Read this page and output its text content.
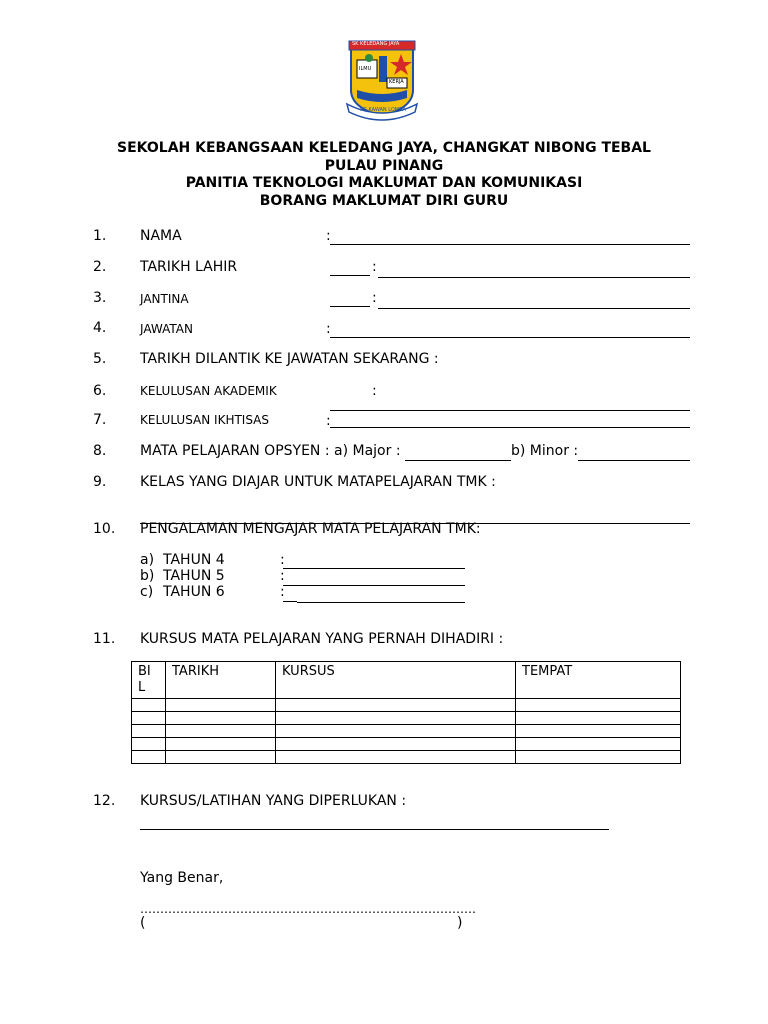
SK KELEDANG JAYA
ILMU
KERJA
PG KAWAN LOMBA
SEKOLAH KEBANGSAAN KELEDANG JAYA, CHANGKAT NIBONG TEBAL
PULAU PINANG
PANITIA TEKNOLOGI MAKLUMAT DAN KOMUNIKASI
BORANG MAKLUMAT DIRI GURU
1. NAMA	:
2. TARIKH LAHIR	:
3.	JANTINA	:
4.	JAWATAN	:
5. TARIKH DILANTIK KE JAWATAN SEKARANG :
6.	KELULUSAN AKADEMIK	:
7.	KELULUSAN IKHTISAS	:
8. MATA PELAJARAN OPSYEN : a) Major :	b) Minor :
9. KELAS YANG DIAJAR UNTUK MATAPELAJARAN TMK :
10. PENGALAMAN MENGAJAR MATA PELAJARAN TMK:
a) TAHUN 4	:
b) TAHUN 5	:
c) TAHUN 6	:
11. KURSUS MATA PELAJARAN YANG PERNAH DIHADIRI :
BI L	TARIKH	KURSUS	TEMPAT

12. KURSUS/LATIHAN YANG DIPERLUKAN :
Yang Benar,
…………………………………………………………………………
(	)
